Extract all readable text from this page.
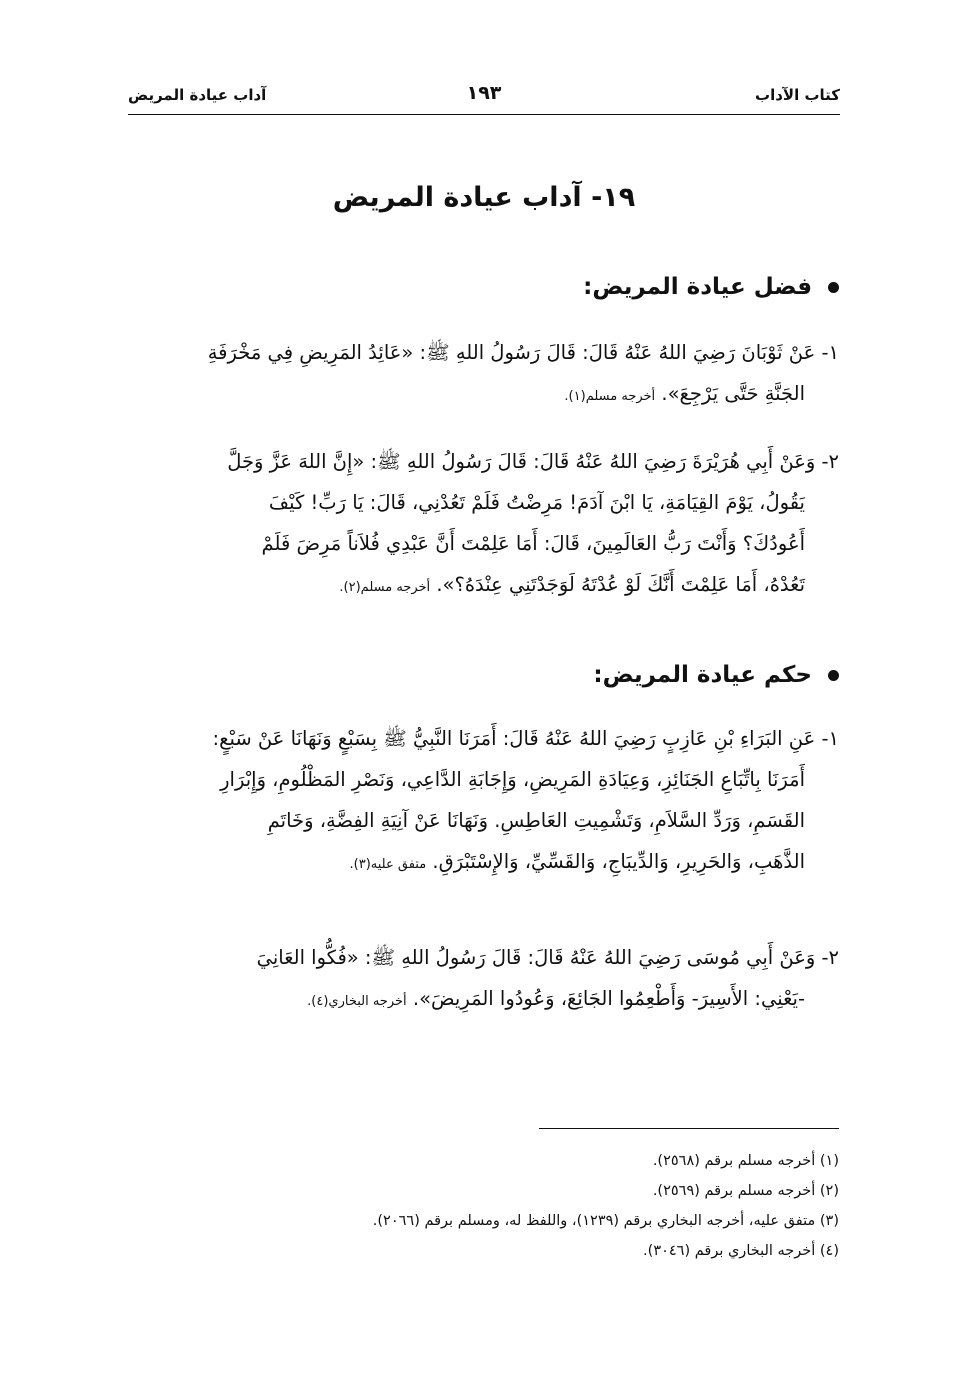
كتاب الآداب
١٩٣
آداب عيادة المريض
١٩- آداب عيادة المريض
فضل عيادة المريض:
١- عَنْ ثَوْبَانَ رَضِيَ اللهُ عَنْهُ قَالَ: قَالَ رَسُولُ اللهِ ﷺ: «عَائِدُ المَرِيضِ فِي مَخْرَفَةِ
الجَنَّةِ حَتَّى يَرْجِعَ». أخرجه مسلم(١).
٢- وَعَنْ أَبِي هُرَيْرَةَ رَضِيَ اللهُ عَنْهُ قَالَ: قَالَ رَسُولُ اللهِ ﷺ: «إِنَّ اللهَ عَزَّ وَجَلَّ
يَقُولُ، يَوْمَ القِيَامَةِ، يَا ابْنَ آدَمَ! مَرِضْتُ فَلَمْ تَعُدْنِي، قَالَ: يَا رَبِّ! كَيْفَ
أَعُودُكَ؟ وَأَنْتَ رَبُّ العَالَمِينَ، قَالَ: أَمَا عَلِمْتَ أَنَّ عَبْدِي فُلاَناً مَرِضَ فَلَمْ
تَعُدْهُ، أَمَا عَلِمْتَ أَنَّكَ لَوْ عُدْتَهُ لَوَجَدْتَنِي عِنْدَهُ؟». أخرجه مسلم(٢).
حكم عيادة المريض:
١- عَنِ البَرَاءِ بْنِ عَازِبٍ رَضِيَ اللهُ عَنْهُ قَالَ: أَمَرَنَا النَّبِيُّ ﷺ بِسَبْعٍ وَنَهَانَا عَنْ سَبْعٍ:
أَمَرَنَا بِاتِّبَاعِ الجَنَائِزِ، وَعِيَادَةِ المَرِيضِ، وَإِجَابَةِ الدَّاعِي، وَنَصْرِ المَظْلُومِ، وَإِبْرَارِ
القَسَمِ، وَرَدِّ السَّلاَمِ، وَتَشْمِيتِ العَاطِسِ. وَنَهَانَا عَنْ آنِيَةِ الفِضَّةِ، وَخَاتَمِ
الذَّهَبِ، وَالحَرِيرِ، وَالدِّيبَاجِ، وَالقَسِّيِّ، وَالإِسْتَبْرَقِ. متفق عليه(٣).
٢- وَعَنْ أَبِي مُوسَى رَضِيَ اللهُ عَنْهُ قَالَ: قَالَ رَسُولُ اللهِ ﷺ: «فُكُّوا العَانِيَ
-يَعْنِي: الأَسِيرَ- وَأَطْعِمُوا الجَائِعَ، وَعُودُوا المَرِيضَ». أخرجه البخاري(٤).
(١) أخرجه مسلم برقم (٢٥٦٨).
(٢) أخرجه مسلم برقم (٢٥٦٩).
(٣) متفق عليه، أخرجه البخاري برقم (١٢٣٩)، واللفظ له، ومسلم برقم (٢٠٦٦).
(٤) أخرجه البخاري برقم (٣٠٤٦).
